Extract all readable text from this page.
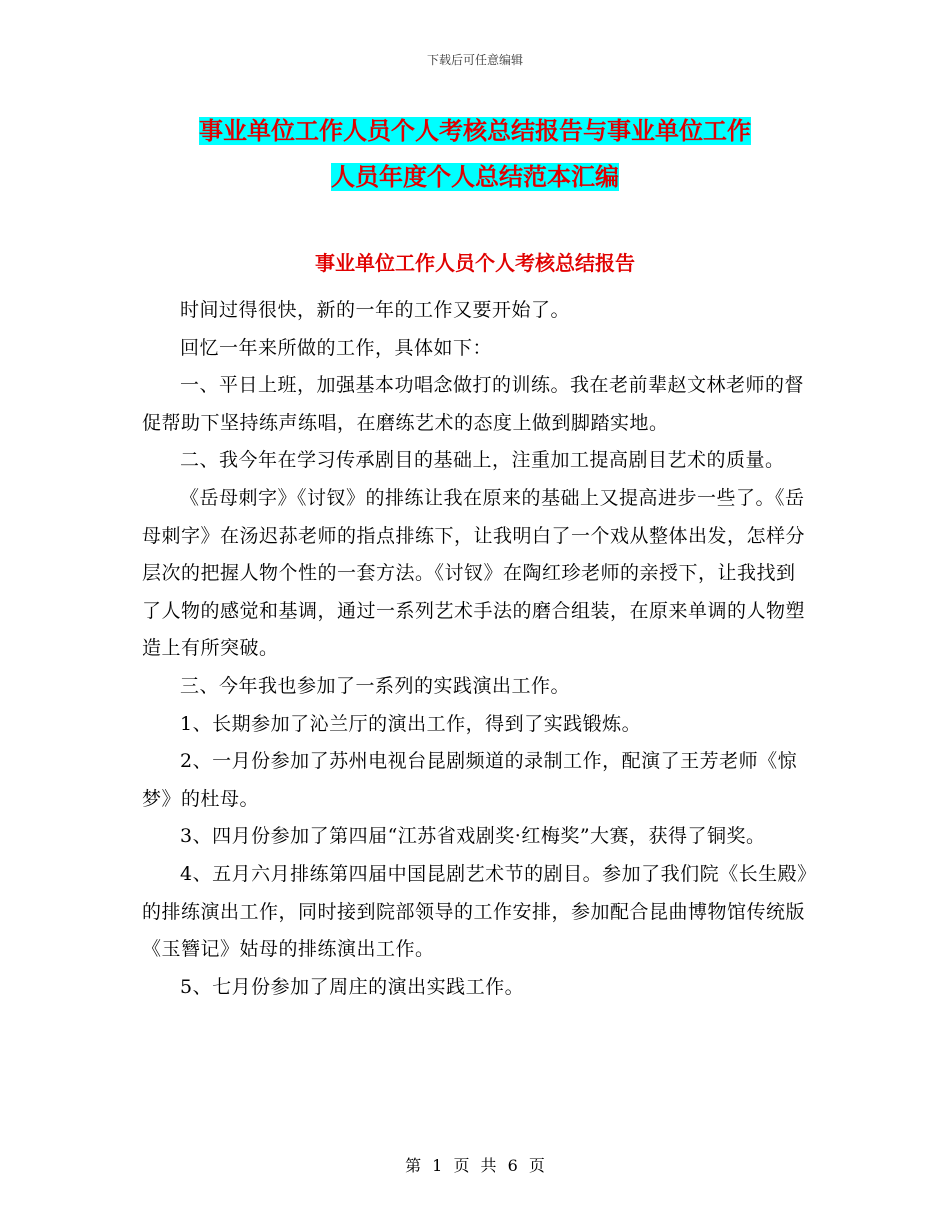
下载后可任意编辑
事业单位工作人员个人考核总结报告与事业单位工作
人员年度个人总结范本汇编
事业单位工作人员个人考核总结报告

时间过得很快，新的一年的工作又要开始了。

回忆一年来所做的工作，具体如下：

一、平日上班，加强基本功唱念做打的训练。我在老前辈赵文林老师的督促帮助下坚持练声练唱，在磨练艺术的态度上做到脚踏实地。

二、我今年在学习传承剧目的基础上，注重加工提高剧目艺术的质量。

《岳母刺字》《讨钗》的排练让我在原来的基础上又提高进步一些了。《岳母刺字》在汤迟荪老师的指点排练下，让我明白了一个戏从整体出发，怎样分层次的把握人物个性的一套方法。《讨钗》在陶红珍老师的亲授下，让我找到了人物的感觉和基调，通过一系列艺术手法的磨合组装，在原来单调的人物塑造上有所突破。

三、今年我也参加了一系列的实践演出工作。

1、长期参加了沁兰厅的演出工作，得到了实践锻炼。

2、一月份参加了苏州电视台昆剧频道的录制工作，配演了王芳老师《惊梦》的杜母。

3、四月份参加了第四届“江苏省戏剧奖·红梅奖”大赛，获得了铜奖。

4、五月六月排练第四届中国昆剧艺术节的剧目。参加了我们院《长生殿》的排练演出工作，同时接到院部领导的工作安排，参加配合昆曲博物馆传统版《玉簪记》姑母的排练演出工作。

5、七月份参加了周庄的演出实践工作。

第 1 页 共 6 页
